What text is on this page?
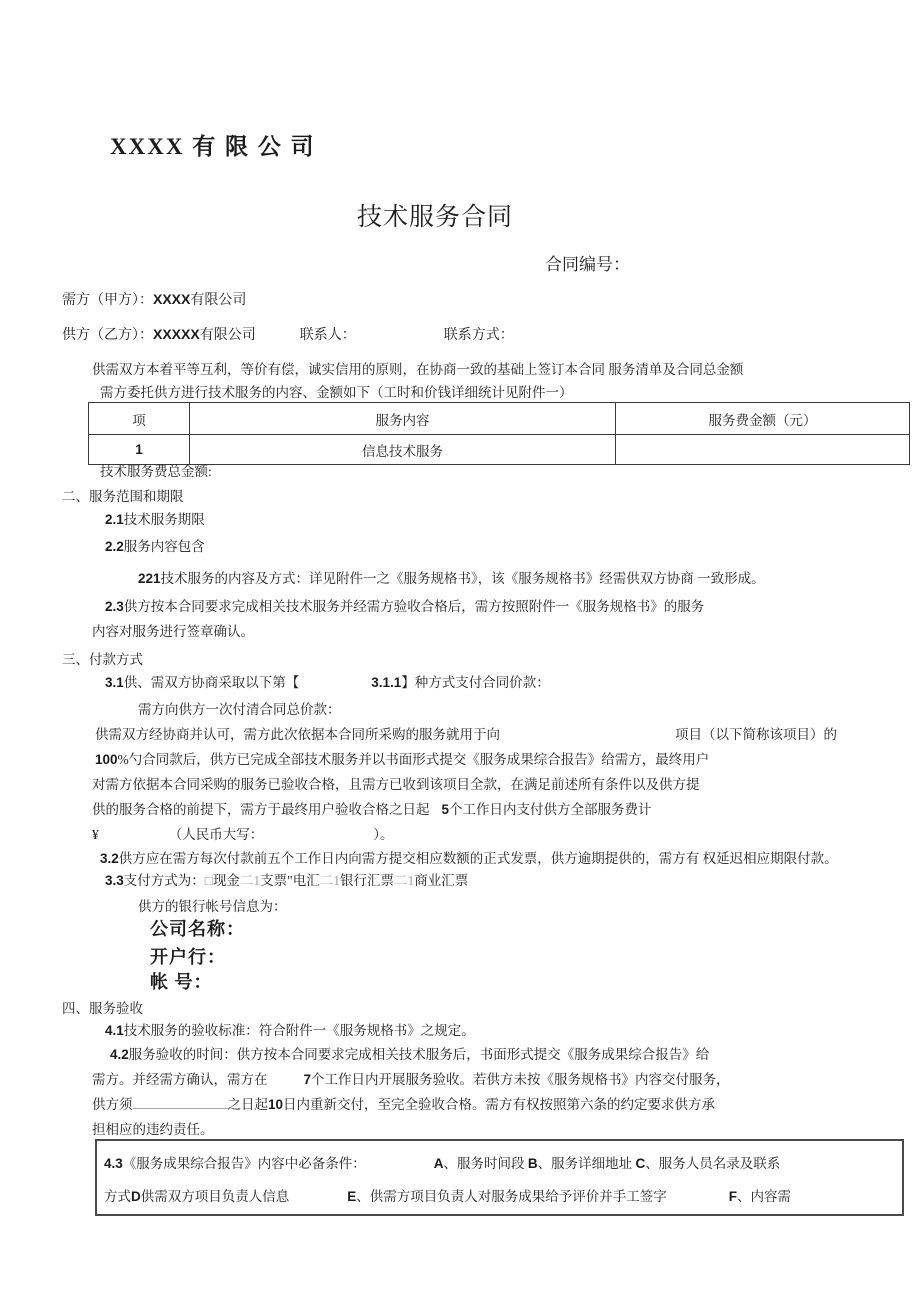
XXXX 有 限 公 司
技术服务合同
合同编号：
需方（甲方）：XXXX有限公司
供方（乙方）：XXXXX有限公司	联系人：	联系方式：
供需双方本着平等互利，等价有偿，诚实信用的原则，在协商一致的基础上签订本合同 服务清单及合同总金额
需方委托供方进行技术服务的内容、金额如下（工时和价钱详细统计见附件一）
项	服务内容	服务费金额（元）
1	信息技术服务	
技术服务费总金额:
二、服务范围和期限
2.1技术服务期限
2.2服务内容包含
221技术服务的内容及方式：详见附件一之《服务规格书》，该《服务规格书》经需供双方协商 一致形成。
2.3供方按本合同要求完成相关技术服务并经需方验收合格后，需方按照附件一《服务规格书》的服务
内容对服务进行签章确认。
三、付款方式
3.1供、需双方协商采取以下第【	3.1.1】种方式支付合同价款：
需方向供方一次付清合同总价款：
供需双方经协商并认可，需方此次依据本合同所采购的服务就用于向	项目（以下简称该项目）的
100%勺合同款后，供方已完成全部技术服务并以书面形式提交《服务成果综合报告》给需方，最终用户
对需方依据本合同采购的服务已验收合格，且需方已收到该项目全款，在满足前述所有条件以及供方提
供的服务合格的前提下，需方于最终用户验收合格之日起 5个工作日内支付供方全部服务费计
¥	（人民币大写：	）。
3.2供方应在需方每次付款前五个工作日内向需方提交相应数额的正式发票，供方逾期提供的，需方有 权延迟相应期限付款。
3.3支付方式为：□现金二1支票"电汇二1银行汇票二1商业汇票
供方的银行帐号信息为：
公司名称：
开户行：
帐 号：
四、服务验收
4.1技术服务的验收标准：符合附件一《服务规格书》之规定。
4.2服务验收的时间：供方按本合同要求完成相关技术服务后，书面形式提交《服务成果综合报告》给
需方。并经需方确认，需方在	7个工作日内开展服务验收。若供方未按《服务规格书》内容交付服务，
供方须	之日起10日内重新交付，至完全验收合格。需方有权按照第六条的约定要求供方承
担相应的违约责任。
4.3《服务成果综合报告》内容中必备条件：	A、服务时间段 B、服务详细地址 C、服务人员名录及联系
方式D供需双方项目负责人信息	E、供需方项目负责人对服务成果给予评价并手工签字	F、内容需
